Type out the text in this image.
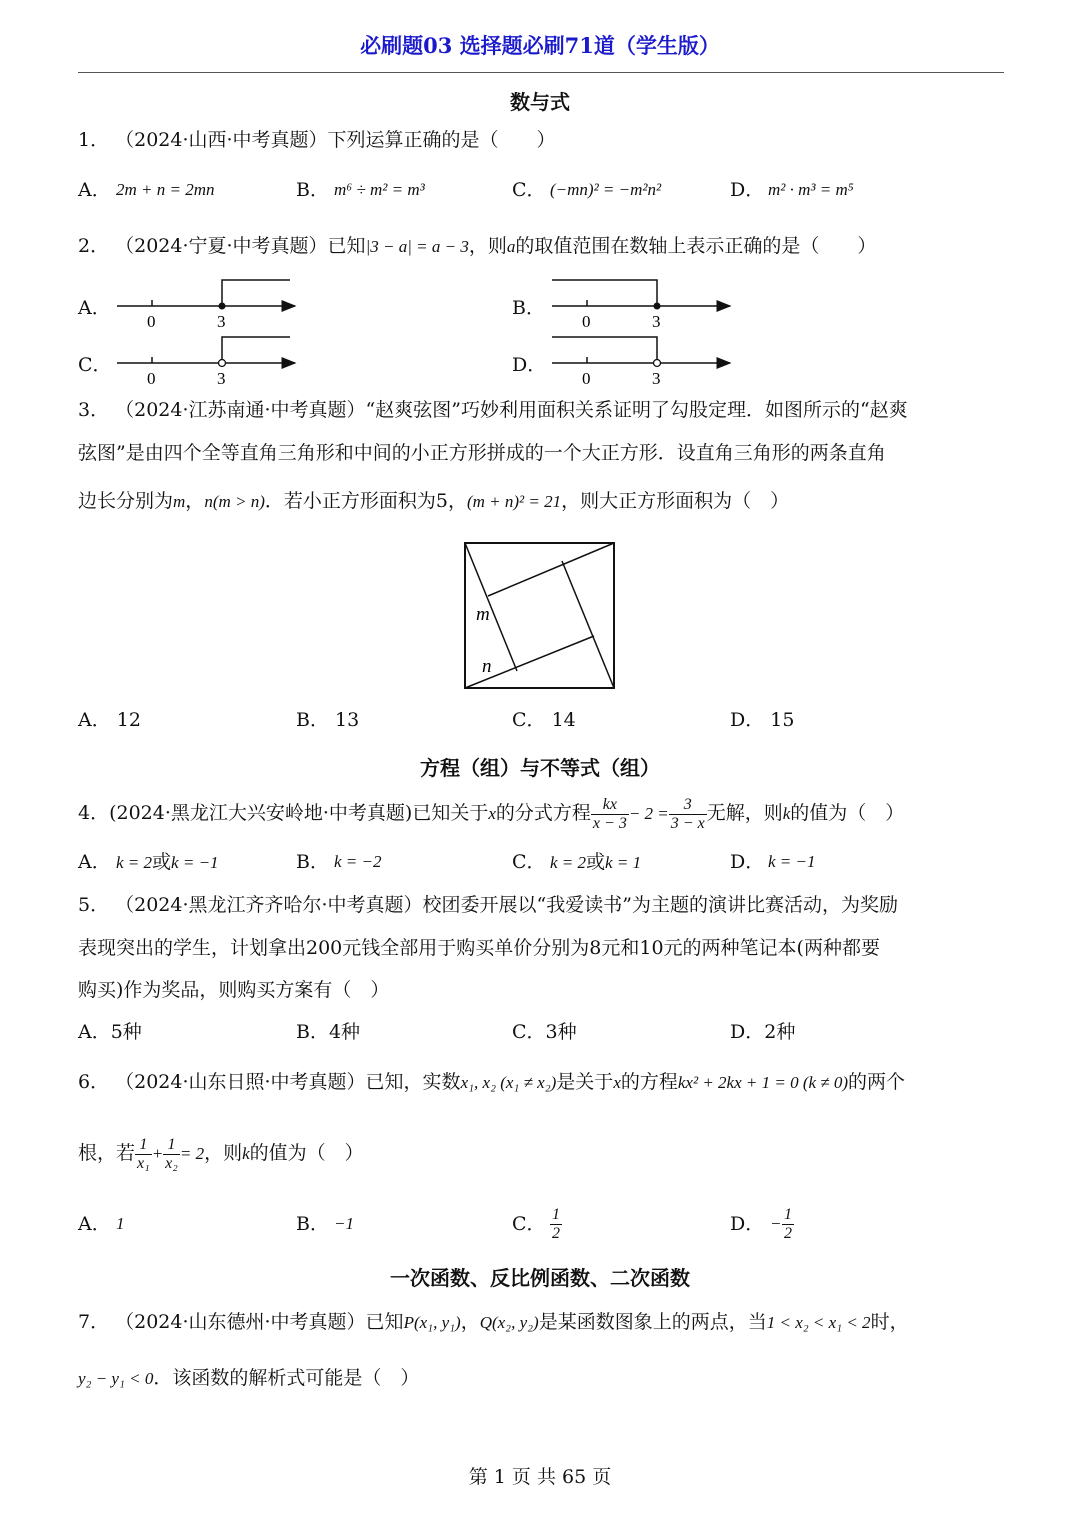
必刷题03 选择题必刷71道（学生版）
数与式
1． （2024·山西·中考真题）下列运算正确的是（　　）
A． 2m + n = 2mn	B． m⁶ ÷ m² = m³	C． (−mn)² = −m²n²	D． m² · m³ = m⁵
2． （2024·宁夏·中考真题）已知|3 − a| = a − 3，则a的取值范围在数轴上表示正确的是（　　）
A．	B．
C．	D．
0	3	0	3
0	3	0	3
3． （2024·江苏南通·中考真题）“赵爽弦图”巧妙利用面积关系证明了勾股定理．如图所示的“赵爽
弦图”是由四个全等直角三角形和中间的小正方形拼成的一个大正方形．设直角三角形的两条直角
边长分别为m，n(m > n)．若小正方形面积为5，(m + n)² = 21，则大正方形面积为（　）
m
n
A． 12	B． 13	C． 14	D． 15
方程（组）与不等式（组）
4．(2024·黑龙江大兴安岭地·中考真题)已知关于x的分式方程 $\frac{kx}{x - 3} - 2 = \frac{3}{3 - x}$ 无解，则k的值为（　）
A． k = 2或k = −1	B． k = −2	C． k = 2或k = 1	D． k = −1
5． （2024·黑龙江齐齐哈尔·中考真题）校团委开展以“我爱读书”为主题的演讲比赛活动，为奖励
表现突出的学生，计划拿出200元钱全部用于购买单价分别为8元和10元的两种笔记本(两种都要
购买)作为奖品，则购买方案有（　）
A．5种	B．4种	C．3种	D．2种
6． （2024·山东日照·中考真题）已知，实数x₁, x₂ (x₁ ≠ x₂)是关于x的方程kx² + 2kx + 1 = 0 (k ≠ 0)的两个
根，若 $\frac{1}{\text{x₁}} + \frac{1}{\text{x₂}} = 2$，则k的值为（　）
A． 1	B． −1	C． $\frac{1}{2}$	D． − $\frac{1}{2}$
一次函数、反比例函数、二次函数
7． （2024·山东德州·中考真题）已知P(x₁, y₁)，Q(x₂, y₂)是某函数图象上的两点，当1 < x₂ < x₁ < 2时，
y₂ − y₁ < 0．该函数的解析式可能是（　）
第 1 页 共 65 页
